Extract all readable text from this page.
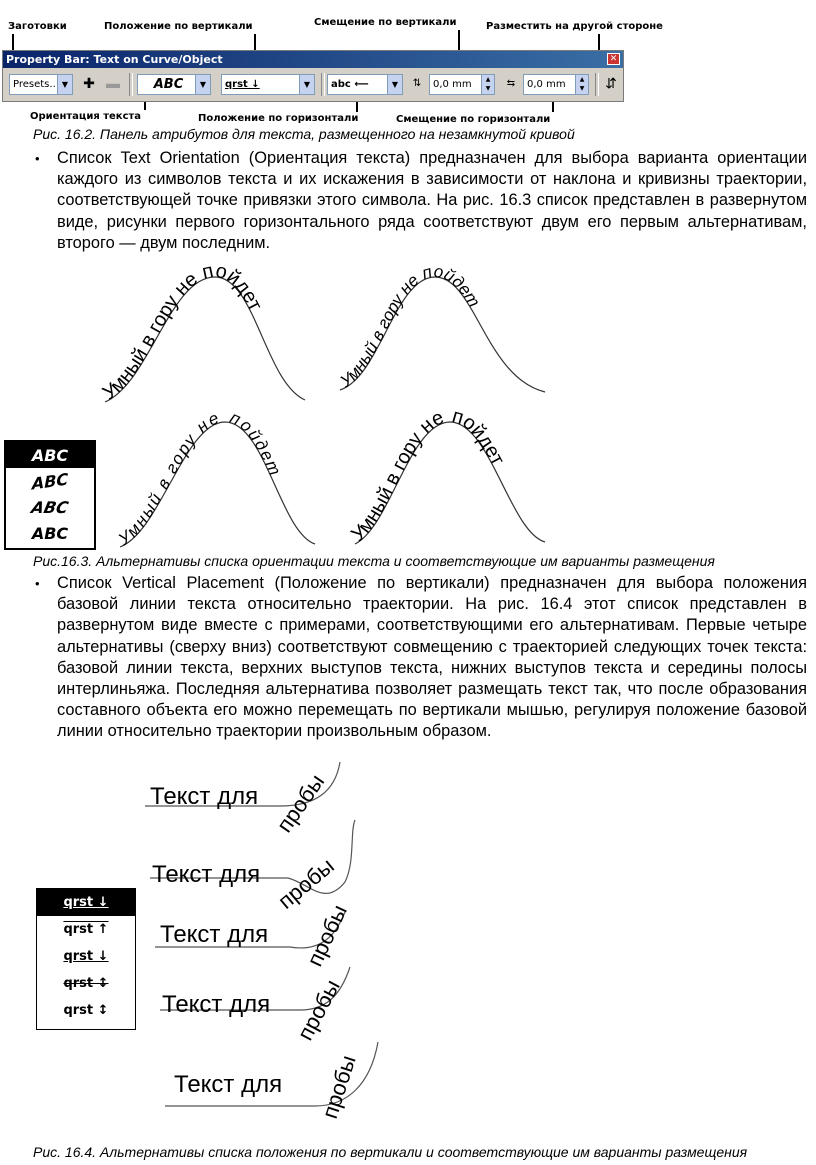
Заготовки	Положение по вертикали	Смещение по вертикали	Разместить на другой стороне
Ориентация текста	Положение по горизонтали	Смещение по горизонтали
Property Bar: Text on Curve/Object	✕
Presets.. ▼ ✚ ▬	ABC	▼	qrst ↓	▼	abc ⟵	▼	⇅	0,0 mm	▲
▼	⇆	0,0 mm	▲
▼ ⇵
Рис. 16.2. Панель атрибутов для текста, размещенного на незамкнутой кривой
• Список Text Orientation (Ориентация текста) предназначен для выбора варианта ориентации каждого из символов текста и их искажения в зависимости от наклона и кривизны траектории, соответствующей точке привязки этого символа. На рис. 16.3 список представлен в развернутом виде, рисунки первого горизонтального ряда соответствуют двум его первым альтернативам, второго — двум последним.

Умный в гору не пойдет
Умный в гору не пойдет
Умный в гору не пойдет
Умный в гору не пойдет
ABC
ABC
ABC
ABC
Рис.16.3. Альтернативы списка ориентации текста и соответствующие им варианты размещения
• Список Vertical Placement (Положение по вертикали) предназначен для выбора положения базовой линии текста относительно траектории. На рис. 16.4 этот список представлен в развернутом виде вместе с примерами, соответствующими его альтернативам. Первые четыре альтернативы (сверху вниз) соответствуют совмещению с траекторией следующих точек текста: базовой линии текста, верхних выступов текста, нижних выступов текста и середины полосы интерлиньяжа. Последняя альтернатива позволяет размещать текст так, что после образования составного объекта его можно перемещать по вертикали мышью, регулируя положение базовой линии относительно траектории произвольным образом.

Текст для пробы
Текст для пробы
Текст для пробы
Текст для пробы
Текст для пробы
qrst ↓
qrst ↑
qrst ↓
qrst ↕
qrst ↕
Рис. 16.4. Альтернативы списка положения по вертикали и соответствующие им варианты размещения
